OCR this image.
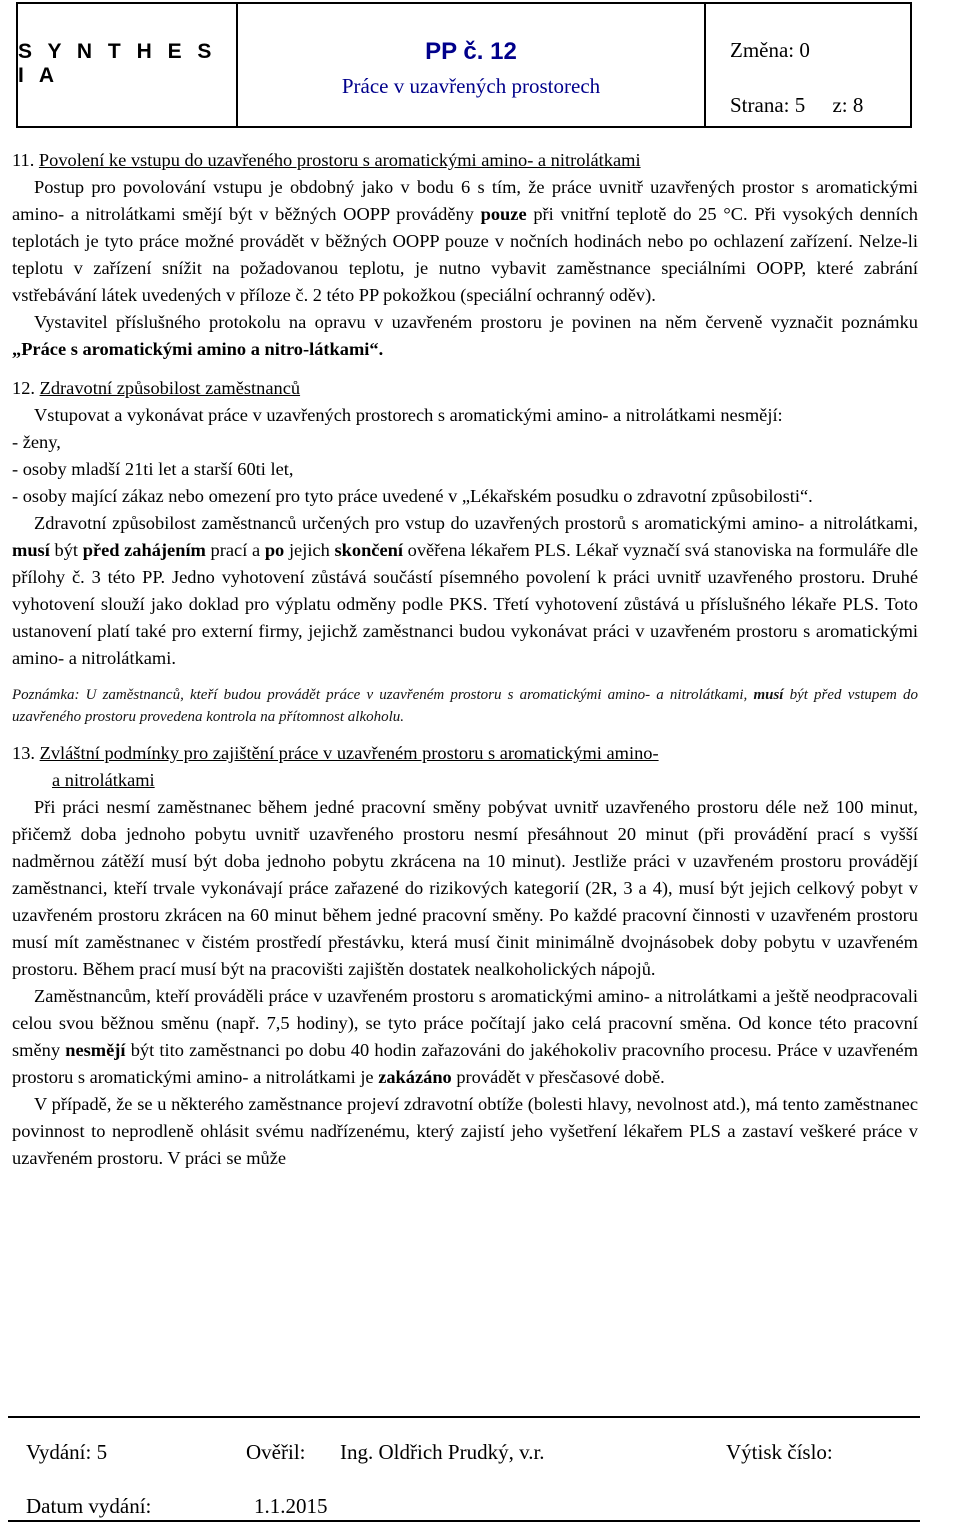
S Y N T H E S I A
PP č. 12
Práce v uzavřených prostorech
Změna: 0
Strana: 5 z: 8

11. Povolení ke vstupu do uzavřeného prostoru s aromatickými amino- a nitrolátkami

Postup pro povolování vstupu je obdobný jako v bodu 6 s tím, že práce uvnitř uzavřených prostor s aromatickými amino- a nitrolátkami smějí být v běžných OOPP prováděny pouze při vnitřní teplotě do 25 °C. Při vysokých denních teplotách je tyto práce možné provádět v běžných OOPP pouze v nočních hodinách nebo po ochlazení zařízení. Nelze-li teplotu v zařízení snížit na požadovanou teplotu, je nutno vybavit zaměstnance speciálními OOPP, které zabrání vstřebávání látek uvedených v příloze č. 2 této PP pokožkou (speciální ochranný oděv).

Vystavitel příslušného protokolu na opravu v uzavřeném prostoru je povinen na něm červeně vyznačit poznámku „Práce s aromatickými amino a nitro-látkami“.

12. Zdravotní způsobilost zaměstnanců

Vstupovat a vykonávat práce v uzavřených prostorech s aromatickými amino- a nitrolátkami nesmějí:

- ženy,

- osoby mladší 21ti let a starší 60ti let,

- osoby mající zákaz nebo omezení pro tyto práce uvedené v „Lékařském posudku o zdravotní způsobilosti“.

Zdravotní způsobilost zaměstnanců určených pro vstup do uzavřených prostorů s aromatickými amino- a nitrolátkami, musí být před zahájením prací a po jejich skončení ověřena lékařem PLS. Lékař vyznačí svá stanoviska na formuláře dle přílohy č. 3 této PP. Jedno vyhotovení zůstává součástí písemného povolení k práci uvnitř uzavřeného prostoru. Druhé vyhotovení slouží jako doklad pro výplatu odměny podle PKS. Třetí vyhotovení zůstává u příslušného lékaře PLS. Toto ustanovení platí také pro externí firmy, jejichž zaměstnanci budou vykonávat práci v uzavřeném prostoru s aromatickými amino- a nitrolátkami.

Poznámka: U zaměstnanců, kteří budou provádět práce v uzavřeném prostoru s aromatickými amino- a nitrolátkami, musí být před vstupem do uzavřeného prostoru provedena kontrola na přítomnost alkoholu.

13. Zvláštní podmínky pro zajištění práce v uzavřeném prostoru s aromatickými amino-

a nitrolátkami

Při práci nesmí zaměstnanec během jedné pracovní směny pobývat uvnitř uzavřeného prostoru déle než 100 minut, přičemž doba jednoho pobytu uvnitř uzavřeného prostoru nesmí přesáhnout 20 minut (při provádění prací s vyšší nadměrnou zátěží musí být doba jednoho pobytu zkrácena na 10 minut). Jestliže práci v uzavřeném prostoru provádějí zaměstnanci, kteří trvale vykonávají práce zařazené do rizikových kategorií (2R, 3 a 4), musí být jejich celkový pobyt v uzavřeném prostoru zkrácen na 60 minut během jedné pracovní směny. Po každé pracovní činnosti v uzavřeném prostoru musí mít zaměstnanec v čistém prostředí přestávku, která musí činit minimálně dvojnásobek doby pobytu v uzavřeném prostoru. Během prací musí být na pracovišti zajištěn dostatek nealkoholických nápojů.

Zaměstnancům, kteří prováděli práce v uzavřeném prostoru s aromatickými amino- a nitrolátkami a ještě neodpracovali celou svou běžnou směnu (např. 7,5 hodiny), se tyto práce počítají jako celá pracovní směna. Od konce této pracovní směny nesmějí být tito zaměstnanci po dobu 40 hodin zařazováni do jakéhokoliv pracovního procesu. Práce v uzavřeném prostoru s aromatickými amino- a nitrolátkami je zakázáno provádět v přesčasové době.

V případě, že se u některého zaměstnance projeví zdravotní obtíže (bolesti hlavy, nevolnost atd.), má tento zaměstnanec povinnost to neprodleně ohlásit svému nadřízenému, který zajistí jeho vyšetření lékařem PLS a zastaví veškeré práce v uzavřeném prostoru. V práci se může

Vydání: 5	Ověřil: Ing. Oldřich Prudký, v.r.	Výtisk číslo:
Datum vydání:	1.1.2015
